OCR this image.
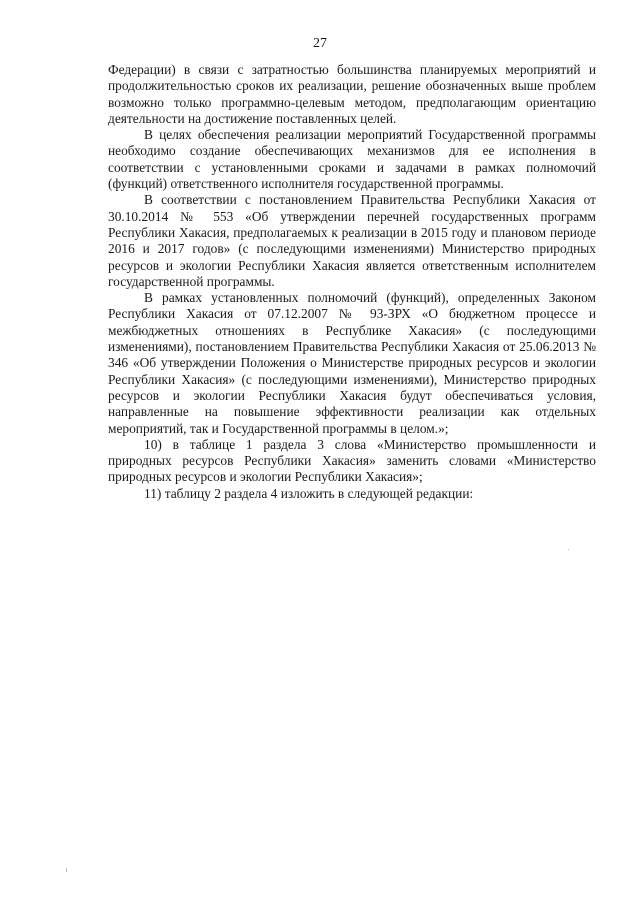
27

Федерации) в связи с затратностью большинства планируемых мероприятий и продолжительностью сроков их реализации, решение обозначенных выше проблем возможно только программно-целевым методом, предполагающим ориентацию деятельности на достижение поставленных целей.

В целях обеспечения реализации мероприятий Государственной программы необходимо создание обеспечивающих механизмов для ее исполнения в соответствии с установленными сроками и задачами в рамках полномочий (функций) ответственного исполнителя государственной программы.

В соответствии с постановлением Правительства Республики Хакасия от 30.10.2014 № 553 «Об утверждении перечней государственных программ Республики Хакасия, предполагаемых к реализации в 2015 году и плановом периоде 2016 и 2017 годов» (с последующими изменениями) Министерство природных ресурсов и экологии Республики Хакасия является ответственным исполнителем государственной программы.

В рамках установленных полномочий (функций), определенных Законом Республики Хакасия от 07.12.2007 № 93-ЗРХ «О бюджетном процессе и межбюджетных отношениях в Республике Хакасия» (с последующими изменениями), постановлением Правительства Республики Хакасия от 25.06.2013 № 346 «Об утверждении Положения о Министерстве природных ресурсов и экологии Республики Хакасия» (с последующими изменениями), Министерство природных ресурсов и экологии Республики Хакасия будут обеспечиваться условия, направленные на повышение эффективности реализации как отдельных мероприятий, так и Государственной программы в целом.»;

10) в таблице 1 раздела 3 слова «Министерство промышленности и природных ресурсов Республики Хакасия» заменить словами «Министерство природных ресурсов и экологии Республики Хакасия»;

11) таблицу 2 раздела 4 изложить в следующей редакции:
